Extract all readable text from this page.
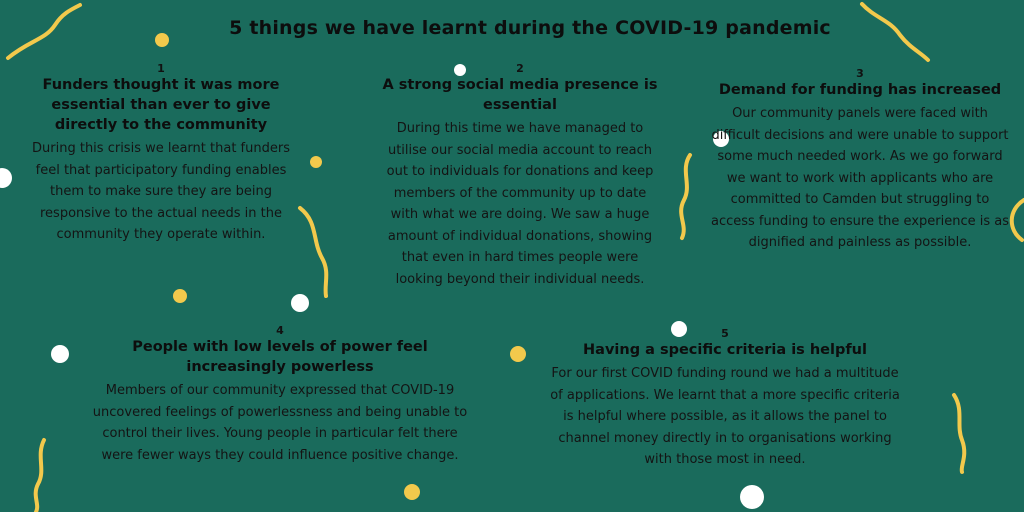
5 things we have learnt during the COVID-19 pandemic
1
Funders thought it was more essential than ever to give directly to the community
During this crisis we learnt that funders feel that participatory funding enables them to make sure they are being responsive to the actual needs in the community they operate within.
2
A strong social media presence is essential
During this time we have managed to utilise our social media account to reach out to individuals for donations and keep members of the community up to date with what we are doing. We saw a huge amount of individual donations, showing that even in hard times people were looking beyond their individual needs.
3
Demand for funding has increased
Our community panels were faced with difficult decisions and were unable to support some much needed work. As we go forward we want to work with applicants who are committed to Camden but struggling to access funding to ensure the experience is as dignified and painless as possible.
4
People with low levels of power feel increasingly powerless
Members of our community expressed that COVID-19 uncovered feelings of powerlessness and being unable to control their lives. Young people in particular felt there were fewer ways they could influence positive change.
5
Having a specific criteria is helpful
For our first COVID funding round we had a multitude of applications. We learnt that a more specific criteria is helpful where possible, as it allows the panel to channel money directly in to organisations working with those most in need.
